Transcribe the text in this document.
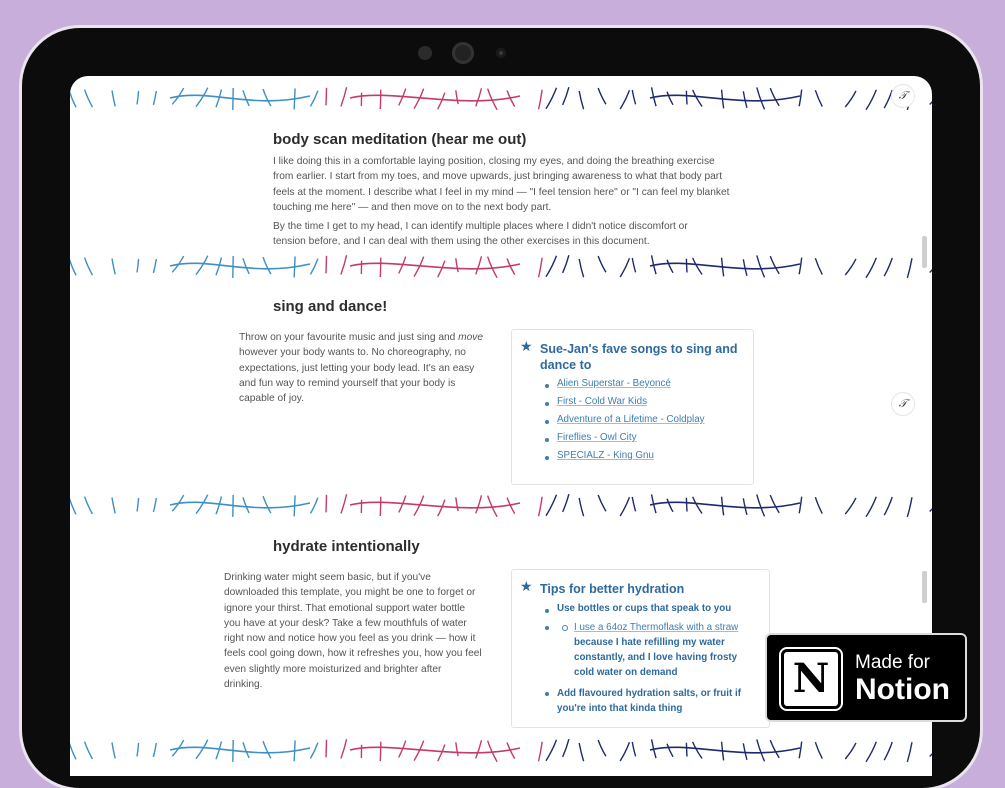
𝒯
𝒯
body scan meditation (hear me out)

I like doing this in a comfortable laying position, closing my eyes, and doing the breathing exercise
from earlier. I start from my toes, and move upwards, just bringing awareness to what that body part
feels at the moment. I describe what I feel in my mind — "I feel tension here" or "I can feel my blanket
touching me here" — and then move on to the next body part.

By the time I get to my head, I can identify multiple places where I didn't notice discomfort or
tension before, and I can deal with them using the other exercises in this document.

sing and dance!

Throw on your favourite music and just sing and move
however your body wants to. No choreography, no
expectations, just letting your body lead. It's an easy
and fun way to remind yourself that your body is
capable of joy.

★ Sue-Jan's fave songs to sing and
dance to
Alien Superstar - Beyoncé
First - Cold War Kids
Adventure of a Lifetime - Coldplay
Fireflies - Owl City
SPECIALZ - King Gnu
hydrate intentionally

Drinking water might seem basic, but if you've
downloaded this template, you might be one to forget or
ignore your thirst. That emotional support water bottle
you have at your desk? Take a few mouthfuls of water
right now and notice how you feel as you drink — how it
feels cool going down, how it refreshes you, how you feel
even slightly more moisturized and brighter after
drinking.

★ Tips for better hydration
Use bottles or cups that speak to you
I use a 64oz Thermoflask with a straw
because I hate refilling my water
constantly, and I love having frosty
cold water on demand
Add flavoured hydration salts, or fruit if
you're into that kinda thing
N	Made for
Notion
